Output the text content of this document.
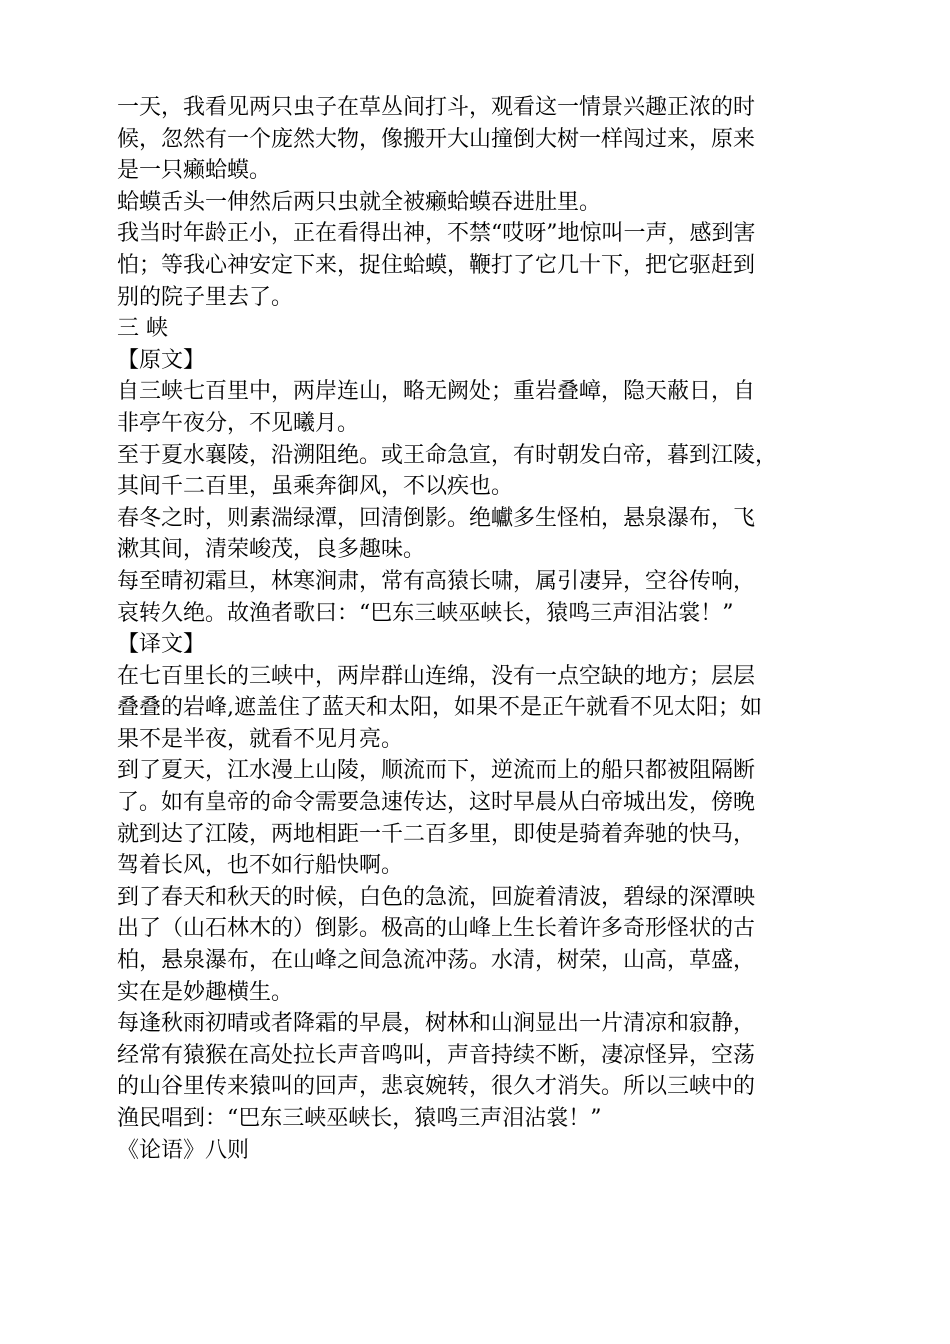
一天，我看见两只虫子在草丛间打斗，观看这一情景兴趣正浓的时
候，忽然有一个庞然大物，像搬开大山撞倒大树一样闯过来，原来
是一只癞蛤蟆。

蛤蟆舌头一伸然后两只虫就全被癞蛤蟆吞进肚里。

我当时年龄正小，正在看得出神，不禁“哎呀”地惊叫一声，感到害
怕；等我心神安定下来，捉住蛤蟆，鞭打了它几十下，把它驱赶到
别的院子里去了。

三 峡

【原文】

自三峡七百里中，两岸连山，略无阙处；重岩叠嶂，隐天蔽日，自
非亭午夜分，不见曦月。

至于夏水襄陵，沿溯阻绝。或王命急宣，有时朝发白帝，暮到江陵，
其间千二百里，虽乘奔御风，不以疾也。

春冬之时，则素湍绿潭，回清倒影。绝巘多生怪柏，悬泉瀑布，飞
漱其间，清荣峻茂，良多趣味。

每至晴初霜旦，林寒涧肃，常有高猿长啸，属引凄异，空谷传响，
哀转久绝。故渔者歌曰：“巴东三峡巫峡长，猿鸣三声泪沾裳！”

【译文】

在七百里长的三峡中，两岸群山连绵，没有一点空缺的地方；层层
叠叠的岩峰,遮盖住了蓝天和太阳，如果不是正午就看不见太阳；如
果不是半夜，就看不见月亮。

到了夏天，江水漫上山陵，顺流而下，逆流而上的船只都被阻隔断
了。如有皇帝的命令需要急速传达，这时早晨从白帝城出发，傍晚
就到达了江陵，两地相距一千二百多里，即使是骑着奔驰的快马，
驾着长风，也不如行船快啊。

到了春天和秋天的时候，白色的急流，回旋着清波，碧绿的深潭映
出了（山石林木的）倒影。极高的山峰上生长着许多奇形怪状的古
柏，悬泉瀑布，在山峰之间急流冲荡。水清，树荣，山高，草盛，
实在是妙趣横生。

每逢秋雨初晴或者降霜的早晨，树林和山涧显出一片清凉和寂静，
经常有猿猴在高处拉长声音鸣叫，声音持续不断，凄凉怪异，空荡
的山谷里传来猿叫的回声，悲哀婉转，很久才消失。所以三峡中的
渔民唱到：“巴东三峡巫峡长，猿鸣三声泪沾裳！”

《论语》八则
